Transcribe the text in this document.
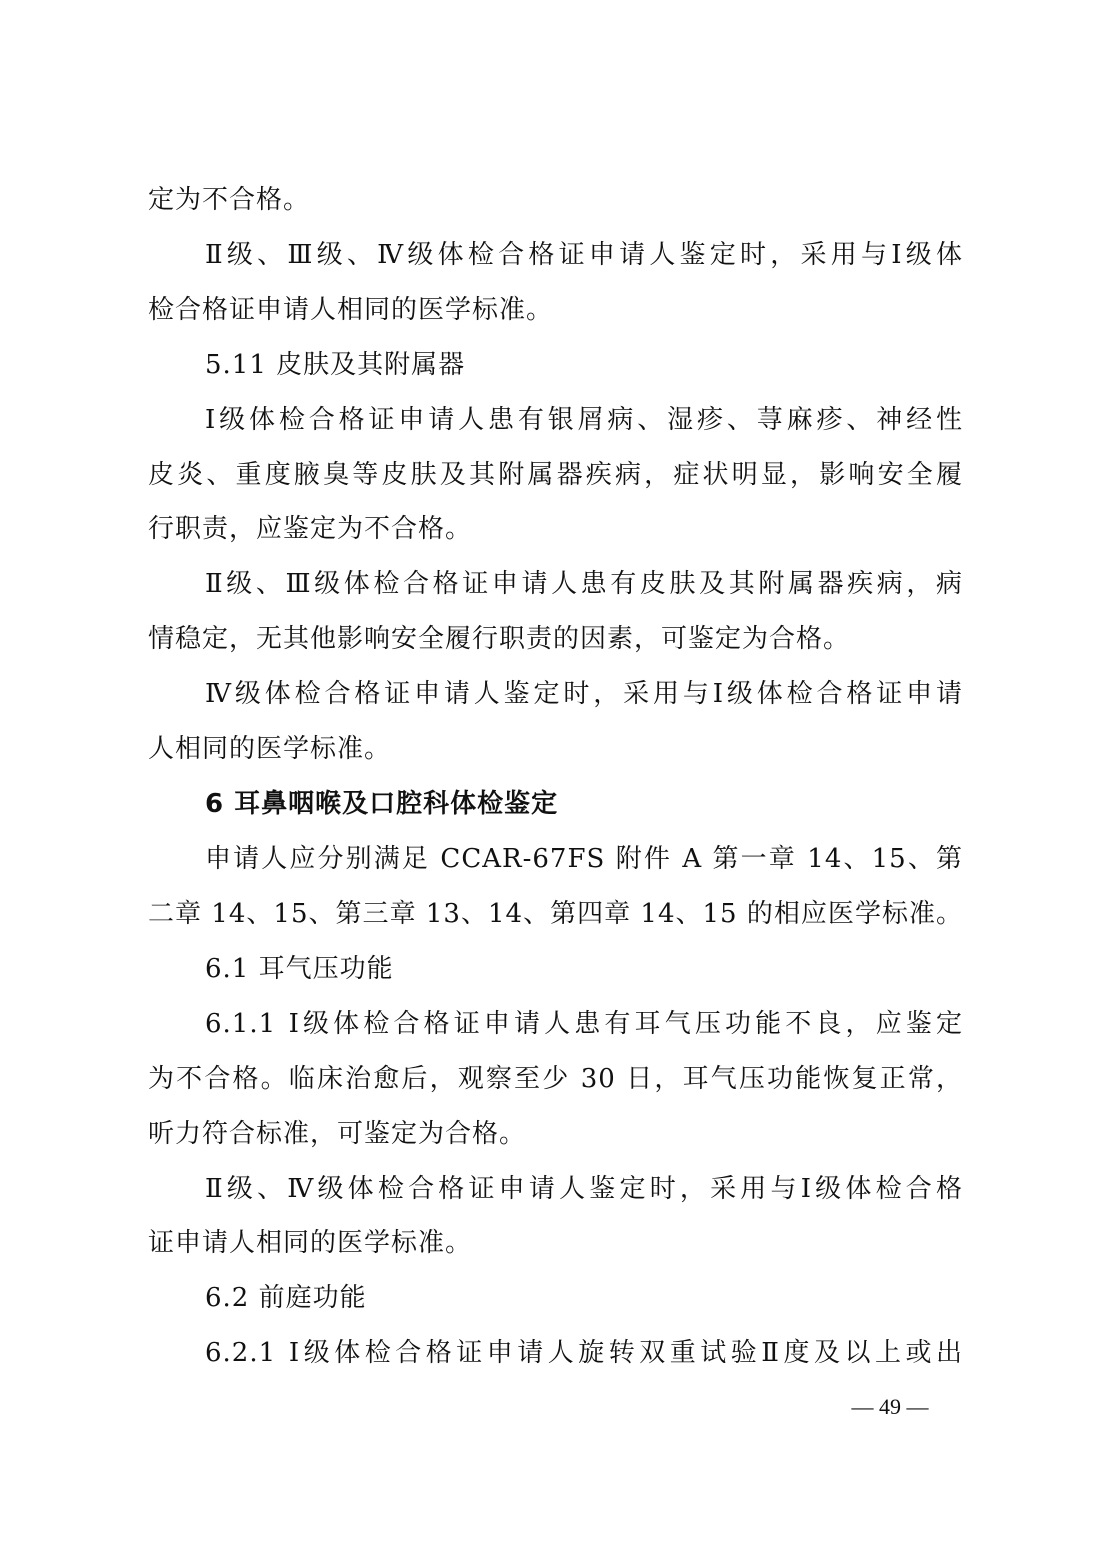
定为不合格。
Ⅱ级、Ⅲ级、Ⅳ级体检合格证申请人鉴定时，采用与Ⅰ级体
检合格证申请人相同的医学标准。
5.11 皮肤及其附属器
Ⅰ级体检合格证申请人患有银屑病、湿疹、荨麻疹、神经性
皮炎、重度腋臭等皮肤及其附属器疾病，症状明显，影响安全履
行职责，应鉴定为不合格。
Ⅱ级、Ⅲ级体检合格证申请人患有皮肤及其附属器疾病，病
情稳定，无其他影响安全履行职责的因素，可鉴定为合格。
Ⅳ级体检合格证申请人鉴定时，采用与Ⅰ级体检合格证申请
人相同的医学标准。
6 耳鼻咽喉及口腔科体检鉴定
申请人应分别满足 CCAR-67FS 附件 A 第一章 14、15、第
二章 14、15、第三章 13、14、第四章 14、15 的相应医学标准。
6.1 耳气压功能
6.1.1 Ⅰ级体检合格证申请人患有耳气压功能不良，应鉴定
为不合格。临床治愈后，观察至少 30 日，耳气压功能恢复正常，
听力符合标准，可鉴定为合格。
Ⅱ级、Ⅳ级体检合格证申请人鉴定时，采用与Ⅰ级体检合格
证申请人相同的医学标准。
6.2 前庭功能
6.2.1 Ⅰ级体检合格证申请人旋转双重试验Ⅱ度及以上或出
— 49 —
